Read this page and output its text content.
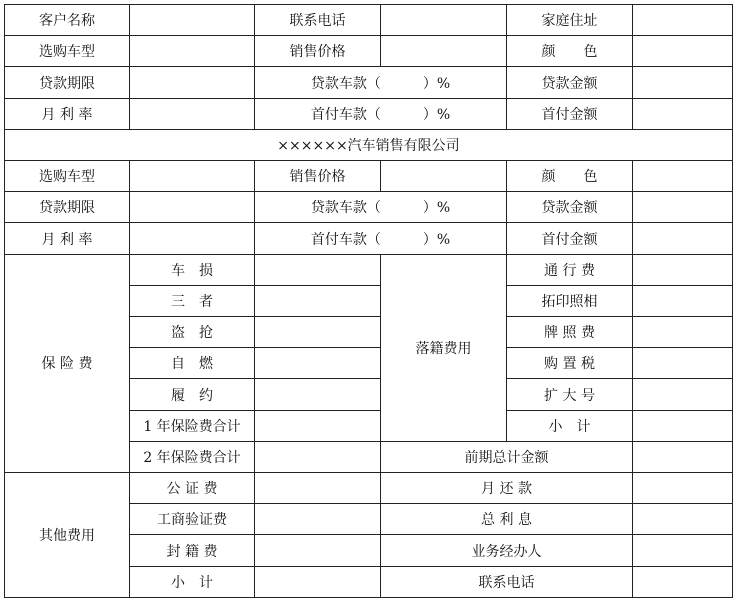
客户名称		联系电话		家庭住址	
选购车型		销售价格		颜　　色	
贷款期限		贷款车款（　　　）%		贷款金额	
月 利 率		首付车款（　　　）%		首付金额	
××××××汽车销售有限公司					
选购车型		销售价格		颜　　色	
贷款期限		贷款车款（　　　）%		贷款金额	
月 利 率		首付车款（　　　）%		首付金额	
保 险 费	车　损		落籍费用	通 行 费	
	三　者			拓印照相	
	盗　抢			牌 照 费	
	自　燃			购 置 税	
	履　约			扩 大 号	
	1 年保险费合计			小　计	
	2 年保险费合计		前期总计金额		
其他费用	公 证 费		月 还 款		
	工商验证费		总 利 息		
	封 籍 费		业务经办人		
	小　计		联系电话		
